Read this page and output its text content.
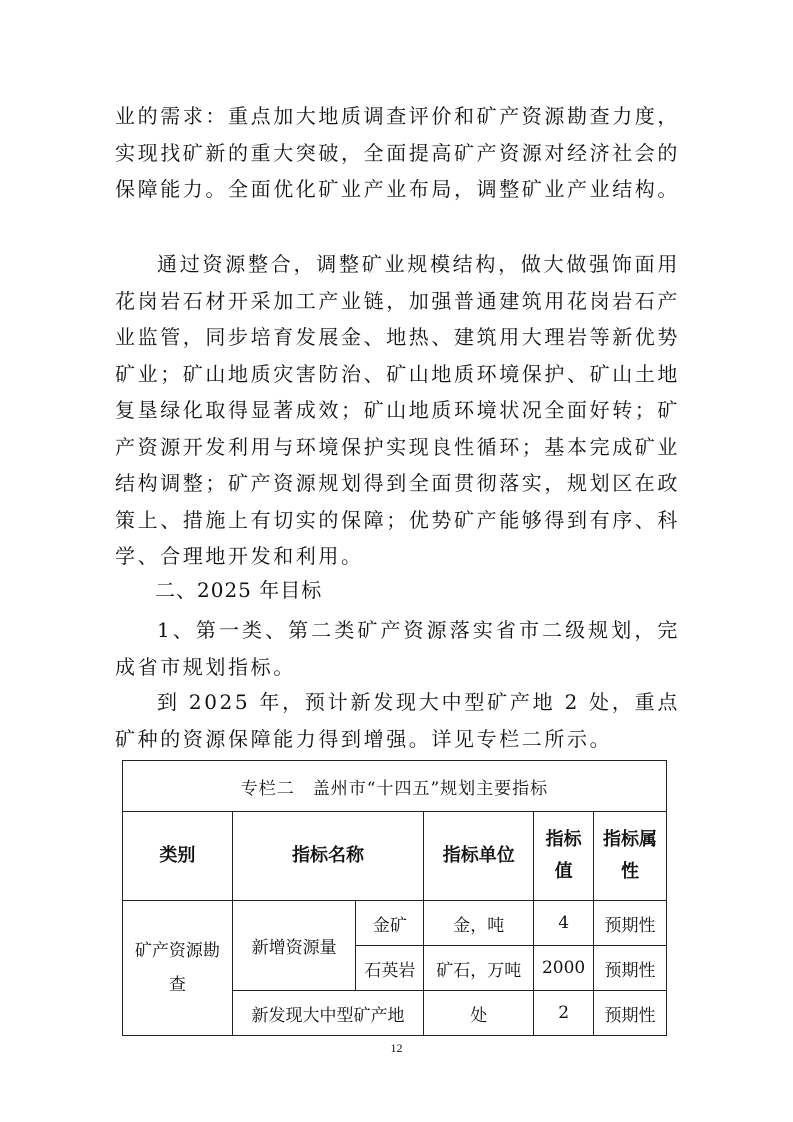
业的需求：重点加大地质调查评价和矿产资源勘查力度，实现找矿新的重大突破，全面提高矿产资源对经济社会的保障能力。全面优化矿业产业布局，调整矿业产业结构。

通过资源整合，调整矿业规模结构，做大做强饰面用花岗岩石材开采加工产业链，加强普通建筑用花岗岩石产业监管，同步培育发展金、地热、建筑用大理岩等新优势矿业；矿山地质灾害防治、矿山地质环境保护、矿山土地复垦绿化取得显著成效；矿山地质环境状况全面好转；矿产资源开发利用与环境保护实现良性循环；基本完成矿业结构调整；矿产资源规划得到全面贯彻落实，规划区在政策上、措施上有切实的保障；优势矿产能够得到有序、科学、合理地开发和利用。

二、2025 年目标

1、第一类、第二类矿产资源落实省市二级规划，完成省市规划指标。

到 2025 年，预计新发现大中型矿产地 2 处，重点矿种的资源保障能力得到增强。详见专栏二所示。

专栏二　盖州市“十四五”规划主要指标					
类别	指标名称		指标单位	指标值	指标属性
矿产资源勘查	新增资源量	金矿	金，吨	4	预期性
		石英岩	矿石，万吨	2000	预期性
	新发现大中型矿产地		处	2	预期性
12
